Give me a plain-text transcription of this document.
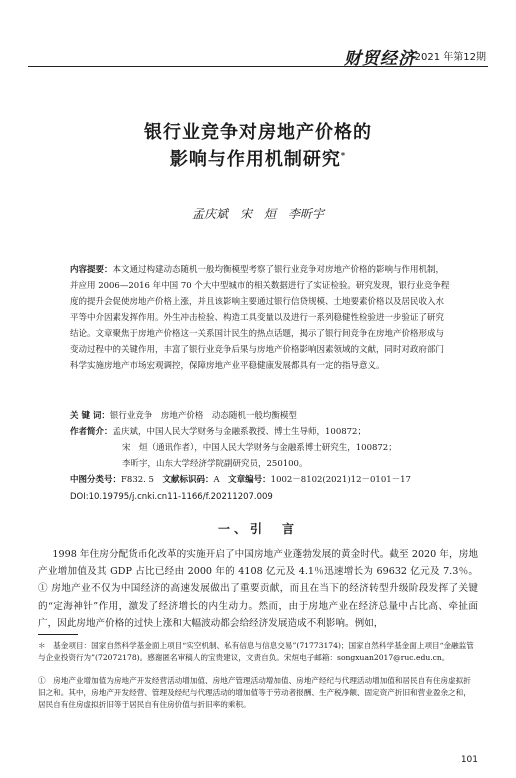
财贸经济
2021 年第12期
银行业竞争对房地产价格的
影响与作用机制研究*
孟庆斌　宋　烜　李昕宇
内容提要：本文通过构建动态随机一般均衡模型考察了银行业竞争对房地产价格的影响与作用机制，并应用 2006—2016 年中国 70 个大中型城市的相关数据进行了实证检验。研究发现，银行业竞争程度的提升会促使房地产价格上涨，并且该影响主要通过银行信贷规模、土地要素价格以及居民收入水平等中介因素发挥作用。外生冲击检验、构造工具变量以及进行一系列稳健性检验进一步验证了研究结论。文章聚焦于房地产价格这一关系国计民生的热点话题，揭示了银行间竞争在房地产价格形成与变动过程中的关键作用，丰富了银行业竞争后果与房地产价格影响因素领域的文献，同时对政府部门科学实施房地产市场宏观调控，保障房地产业平稳健康发展都具有一定的指导意义。
关 键 词：银行业竞争　房地产价格　动态随机一般均衡模型
作者简介：孟庆斌，中国人民大学财务与金融系教授、博士生导师，100872；
宋　烜（通讯作者），中国人民大学财务与金融系博士研究生，100872；
李昕宇，山东大学经济学院副研究员，250100。
中图分类号：F832. 5　 文献标识码：A　 文章编号：1002－8102(2021)12－0101－17
DOI:10.19795/j.cnki.cn11-1166/f.20211207.009
一、引　言
1998 年住房分配货币化改革的实施开启了中国房地产业蓬勃发展的黄金时代。截至 2020 年，房地产业增加值及其 GDP 占比已经由 2000 年的 4108 亿元及 4.1％迅速增长为 69632 亿元及 7.3％。① 房地产业不仅为中国经济的高速发展做出了重要贡献，而且在当下的经济转型升级阶段发挥了关键的“定海神针”作用，激发了经济增长的内生动力。然而，由于房地产业在经济总量中占比高、牵扯面广，因此房地产价格的过快上涨和大幅波动都会给经济发展造成不利影响。例如，
＊　基金项目：国家自然科学基金面上项目“实空机制、私有信息与信息交易”(71773174)；国家自然科学基金面上项目“金融监管与企业投资行为”(72072178)。感谢匿名审稿人的宝贵建议，文责自负。宋烜电子邮箱：songxuan2017@ruc.edu.cn。
①　房地产业增加值为房地产开发经营活动增加值、房地产管理活动增加值、房地产经纪与代理活动增加值和居民自有住房虚拟折旧之和。其中，房地产开发经营、管理及经纪与代理活动的增加值等于劳动者报酬、生产税净额、固定资产折旧和营业盈余之和，居民自有住房虚拟折旧等于居民自有住房价值与折旧率的乘积。
101
